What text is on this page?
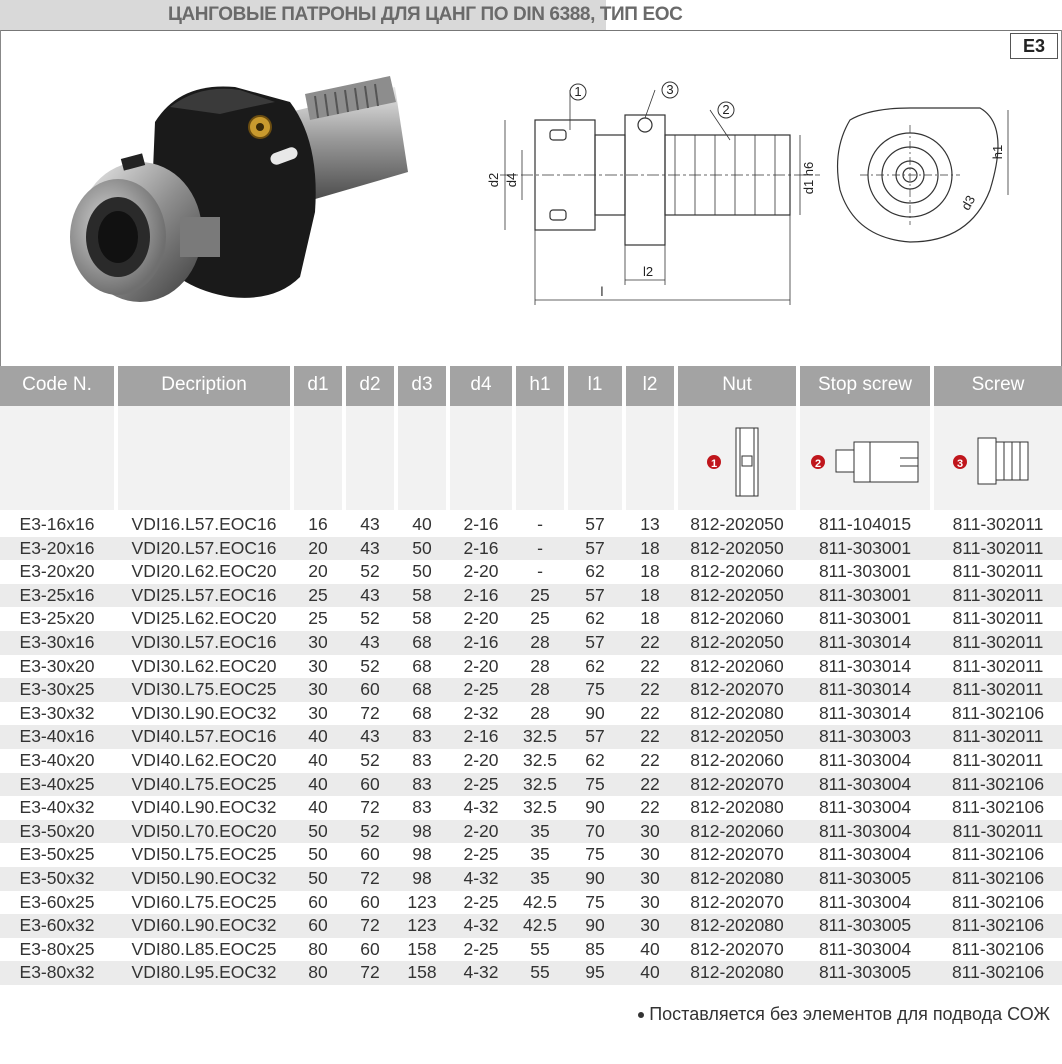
ЦАНГОВЫЕ ПАТРОНЫ ДЛЯ ЦАНГ ПО DIN 6388, ТИП EOC
E3
1
2
3
d2 d4	d1 h6
l
l2
h1
d3
Code N.	Decription	d1	d2	d3	d4	h1	l1	l2	Nut	Stop screw	Screw
1	2	3
E3-16x16	VDI16.L57.EOC16	16	43	40	2-16	-	57	13	812-202050	811-104015	811-302011
E3-20x16	VDI20.L57.EOC16	20	43	50	2-16	-	57	18	812-202050	811-303001	811-302011
E3-20x20	VDI20.L62.EOC20	20	52	50	2-20	-	62	18	812-202060	811-303001	811-302011
E3-25x16	VDI25.L57.EOC16	25	43	58	2-16	25	57	18	812-202050	811-303001	811-302011
E3-25x20	VDI25.L62.EOC20	25	52	58	2-20	25	62	18	812-202060	811-303001	811-302011
E3-30x16	VDI30.L57.EOC16	30	43	68	2-16	28	57	22	812-202050	811-303014	811-302011
E3-30x20	VDI30.L62.EOC20	30	52	68	2-20	28	62	22	812-202060	811-303014	811-302011
E3-30x25	VDI30.L75.EOC25	30	60	68	2-25	28	75	22	812-202070	811-303014	811-302011
E3-30x32	VDI30.L90.EOC32	30	72	68	2-32	28	90	22	812-202080	811-303014	811-302106
E3-40x16	VDI40.L57.EOC16	40	43	83	2-16	32.5	57	22	812-202050	811-303003	811-302011
E3-40x20	VDI40.L62.EOC20	40	52	83	2-20	32.5	62	22	812-202060	811-303004	811-302011
E3-40x25	VDI40.L75.EOC25	40	60	83	2-25	32.5	75	22	812-202070	811-303004	811-302106
E3-40x32	VDI40.L90.EOC32	40	72	83	4-32	32.5	90	22	812-202080	811-303004	811-302106
E3-50x20	VDI50.L70.EOC20	50	52	98	2-20	35	70	30	812-202060	811-303004	811-302011
E3-50x25	VDI50.L75.EOC25	50	60	98	2-25	35	75	30	812-202070	811-303004	811-302106
E3-50x32	VDI50.L90.EOC32	50	72	98	4-32	35	90	30	812-202080	811-303005	811-302106
E3-60x25	VDI60.L75.EOC25	60	60	123	2-25	42.5	75	30	812-202070	811-303004	811-302106
E3-60x32	VDI60.L90.EOC32	60	72	123	4-32	42.5	90	30	812-202080	811-303005	811-302106
E3-80x25	VDI80.L85.EOC25	80	60	158	2-25	55	85	40	812-202070	811-303004	811-302106
E3-80x32	VDI80.L95.EOC32	80	72	158	4-32	55	95	40	812-202080	811-303005	811-302106
Поставляется без элементов для подвода СОЖ
